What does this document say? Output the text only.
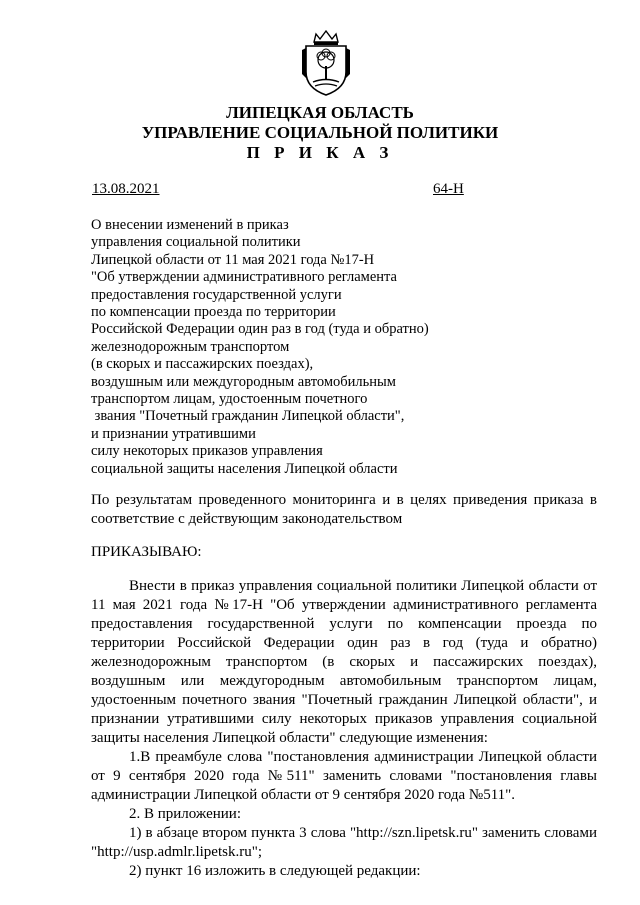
ЛИПЕЦКАЯ ОБЛАСТЬ
УПРАВЛЕНИЕ СОЦИАЛЬНОЙ ПОЛИТИКИ
П Р И К А З
13.08.2021	64-Н
О внесении изменений в приказ
управления социальной политики
Липецкой области от 11 мая 2021 года №17-Н
"Об утверждении административного регламента
предоставления государственной услуги
по компенсации проезда по территории
Российской Федерации один раз в год (туда и обратно)
железнодорожным транспортом
(в скорых и пассажирских поездах),
воздушным или междугородным автомобильным
транспортом лицам, удостоенным почетного
звания "Почетный гражданин Липецкой области",
и признании утратившими
силу некоторых приказов управления
социальной защиты населения Липецкой области
По результатам проведенного мониторинга и в целях приведения приказа в соответствие с действующим законодательством
ПРИКАЗЫВАЮ:

Внести в приказ управления социальной политики Липецкой области от 11 мая 2021 года №17-Н "Об утверждении административного регламента предоставления государственной услуги по компенсации проезда по территории Российской Федерации один раз в год (туда и обратно) железнодорожным транспортом (в скорых и пассажирских поездах), воздушным или междугородным автомобильным транспортом лицам, удостоенным почетного звания "Почетный гражданин Липецкой области", и признании утратившими силу некоторых приказов управления социальной защиты населения Липецкой области" следующие изменения:

1.В преамбуле слова "постановления администрации Липецкой области от 9 сентября 2020 года №511" заменить словами "постановления главы администрации Липецкой области от 9 сентября 2020 года №511".

2. В приложении:

1) в абзаце втором пункта 3 слова "http://szn.lipetsk.ru" заменить словами "http://usp.admlr.lipetsk.ru";

2) пункт 16 изложить в следующей редакции:
